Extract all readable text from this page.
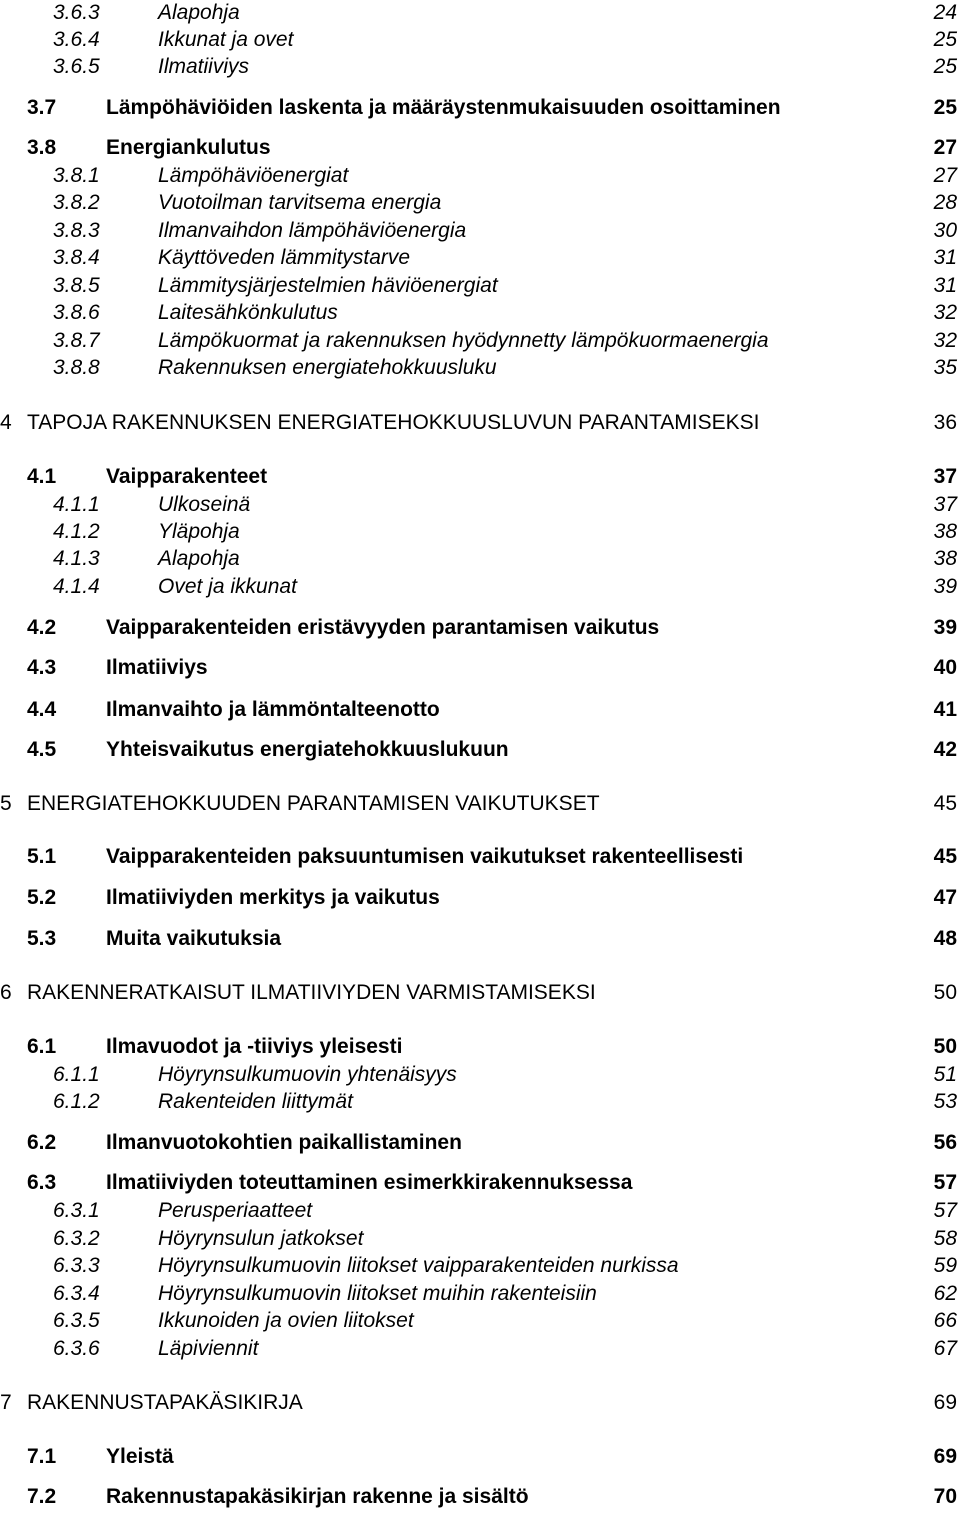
3.6.3	Alapohja	24
3.6.4	Ikkunat ja ovet	25
3.6.5	Ilmatiiviys	25
3.7 Lämpöhäviöiden laskenta ja määräystenmukaisuuden osoittaminen	25
3.8 Energiankulutus	27
3.8.1	Lämpöhäviöenergiat	27
3.8.2	Vuotoilman tarvitsema energia	28
3.8.3	Ilmanvaihdon lämpöhäviöenergia	30
3.8.4	Käyttöveden lämmitystarve	31
3.8.5	Lämmitysjärjestelmien häviöenergiat	31
3.8.6	Laitesähkönkulutus	32
3.8.7	Lämpökuormat ja rakennuksen hyödynnetty lämpökuormaenergia	32
3.8.8	Rakennuksen energiatehokkuusluku	35
4 TAPOJA RAKENNUKSEN ENERGIATEHOKKUUSLUVUN PARANTAMISEKSI	36
4.1 Vaipparakenteet	37
4.1.1	Ulkoseinä	37
4.1.2	Yläpohja	38
4.1.3	Alapohja	38
4.1.4	Ovet ja ikkunat	39
4.2 Vaipparakenteiden eristävyyden parantamisen vaikutus	39
4.3 Ilmatiiviys	40
4.4 Ilmanvaihto ja lämmöntalteenotto	41
4.5 Yhteisvaikutus energiatehokkuuslukuun	42
5 ENERGIATEHOKKUUDEN PARANTAMISEN VAIKUTUKSET	45
5.1 Vaipparakenteiden paksuuntumisen vaikutukset rakenteellisesti	45
5.2 Ilmatiiviyden merkitys ja vaikutus	47
5.3 Muita vaikutuksia	48
6 RAKENNERATKAISUT ILMATIIVIYDEN VARMISTAMISEKSI	50
6.1 Ilmavuodot ja -tiiviys yleisesti	50
6.1.1	Höyrynsulkumuovin yhtenäisyys	51
6.1.2	Rakenteiden liittymät	53
6.2 Ilmanvuotokohtien paikallistaminen	56
6.3 Ilmatiiviyden toteuttaminen esimerkkirakennuksessa	57
6.3.1	Perusperiaatteet	57
6.3.2	Höyrynsulun jatkokset	58
6.3.3	Höyrynsulkumuovin liitokset vaipparakenteiden nurkissa	59
6.3.4	Höyrynsulkumuovin liitokset muihin rakenteisiin	62
6.3.5	Ikkunoiden ja ovien liitokset	66
6.3.6	Läpiviennit	67
7 RAKENNUSTAPAKÄSIKIRJA	69
7.1 Yleistä	69
7.2 Rakennustapakäsikirjan rakenne ja sisältö	70
